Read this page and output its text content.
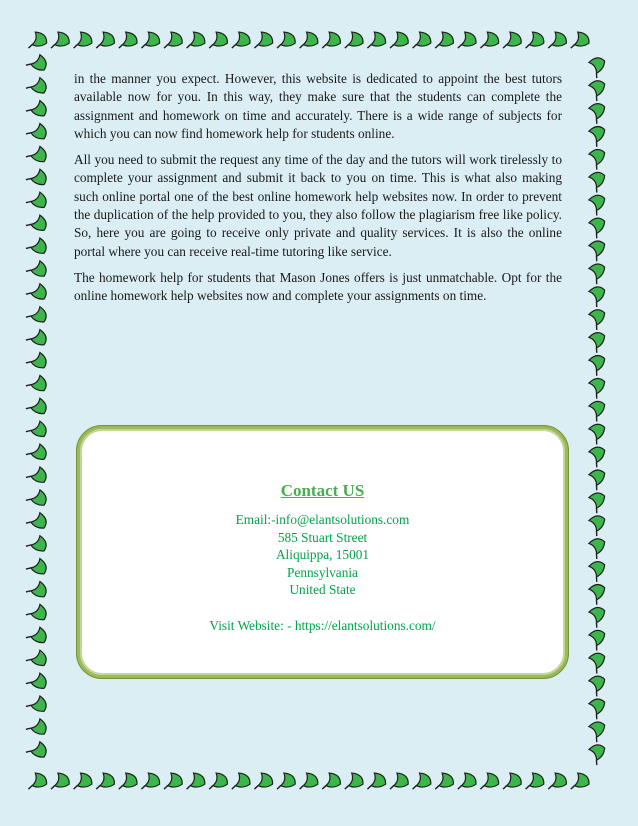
in the manner you expect. However, this website is dedicated to appoint the best tutors available now for you. In this way, they make sure that the students can complete the assignment and homework on time and accurately. There is a wide range of subjects for which you can now find homework help for students online.

All you need to submit the request any time of the day and the tutors will work tirelessly to complete your assignment and submit it back to you on time. This is what also making such online portal one of the best online homework help websites now. In order to prevent the duplication of the help provided to you, they also follow the plagiarism free like policy. So, here you are going to receive only private and quality services. It is also the online portal where you can receive real-time tutoring like service.

The homework help for students that Mason Jones offers is just unmatchable. Opt for the online homework help websites now and complete your assignments on time.

Contact US
Email:-info@elantsolutions.com
585 Stuart Street
Aliquippa, 15001
Pennsylvania
United State
Visit Website: - https://elantsolutions.com/
